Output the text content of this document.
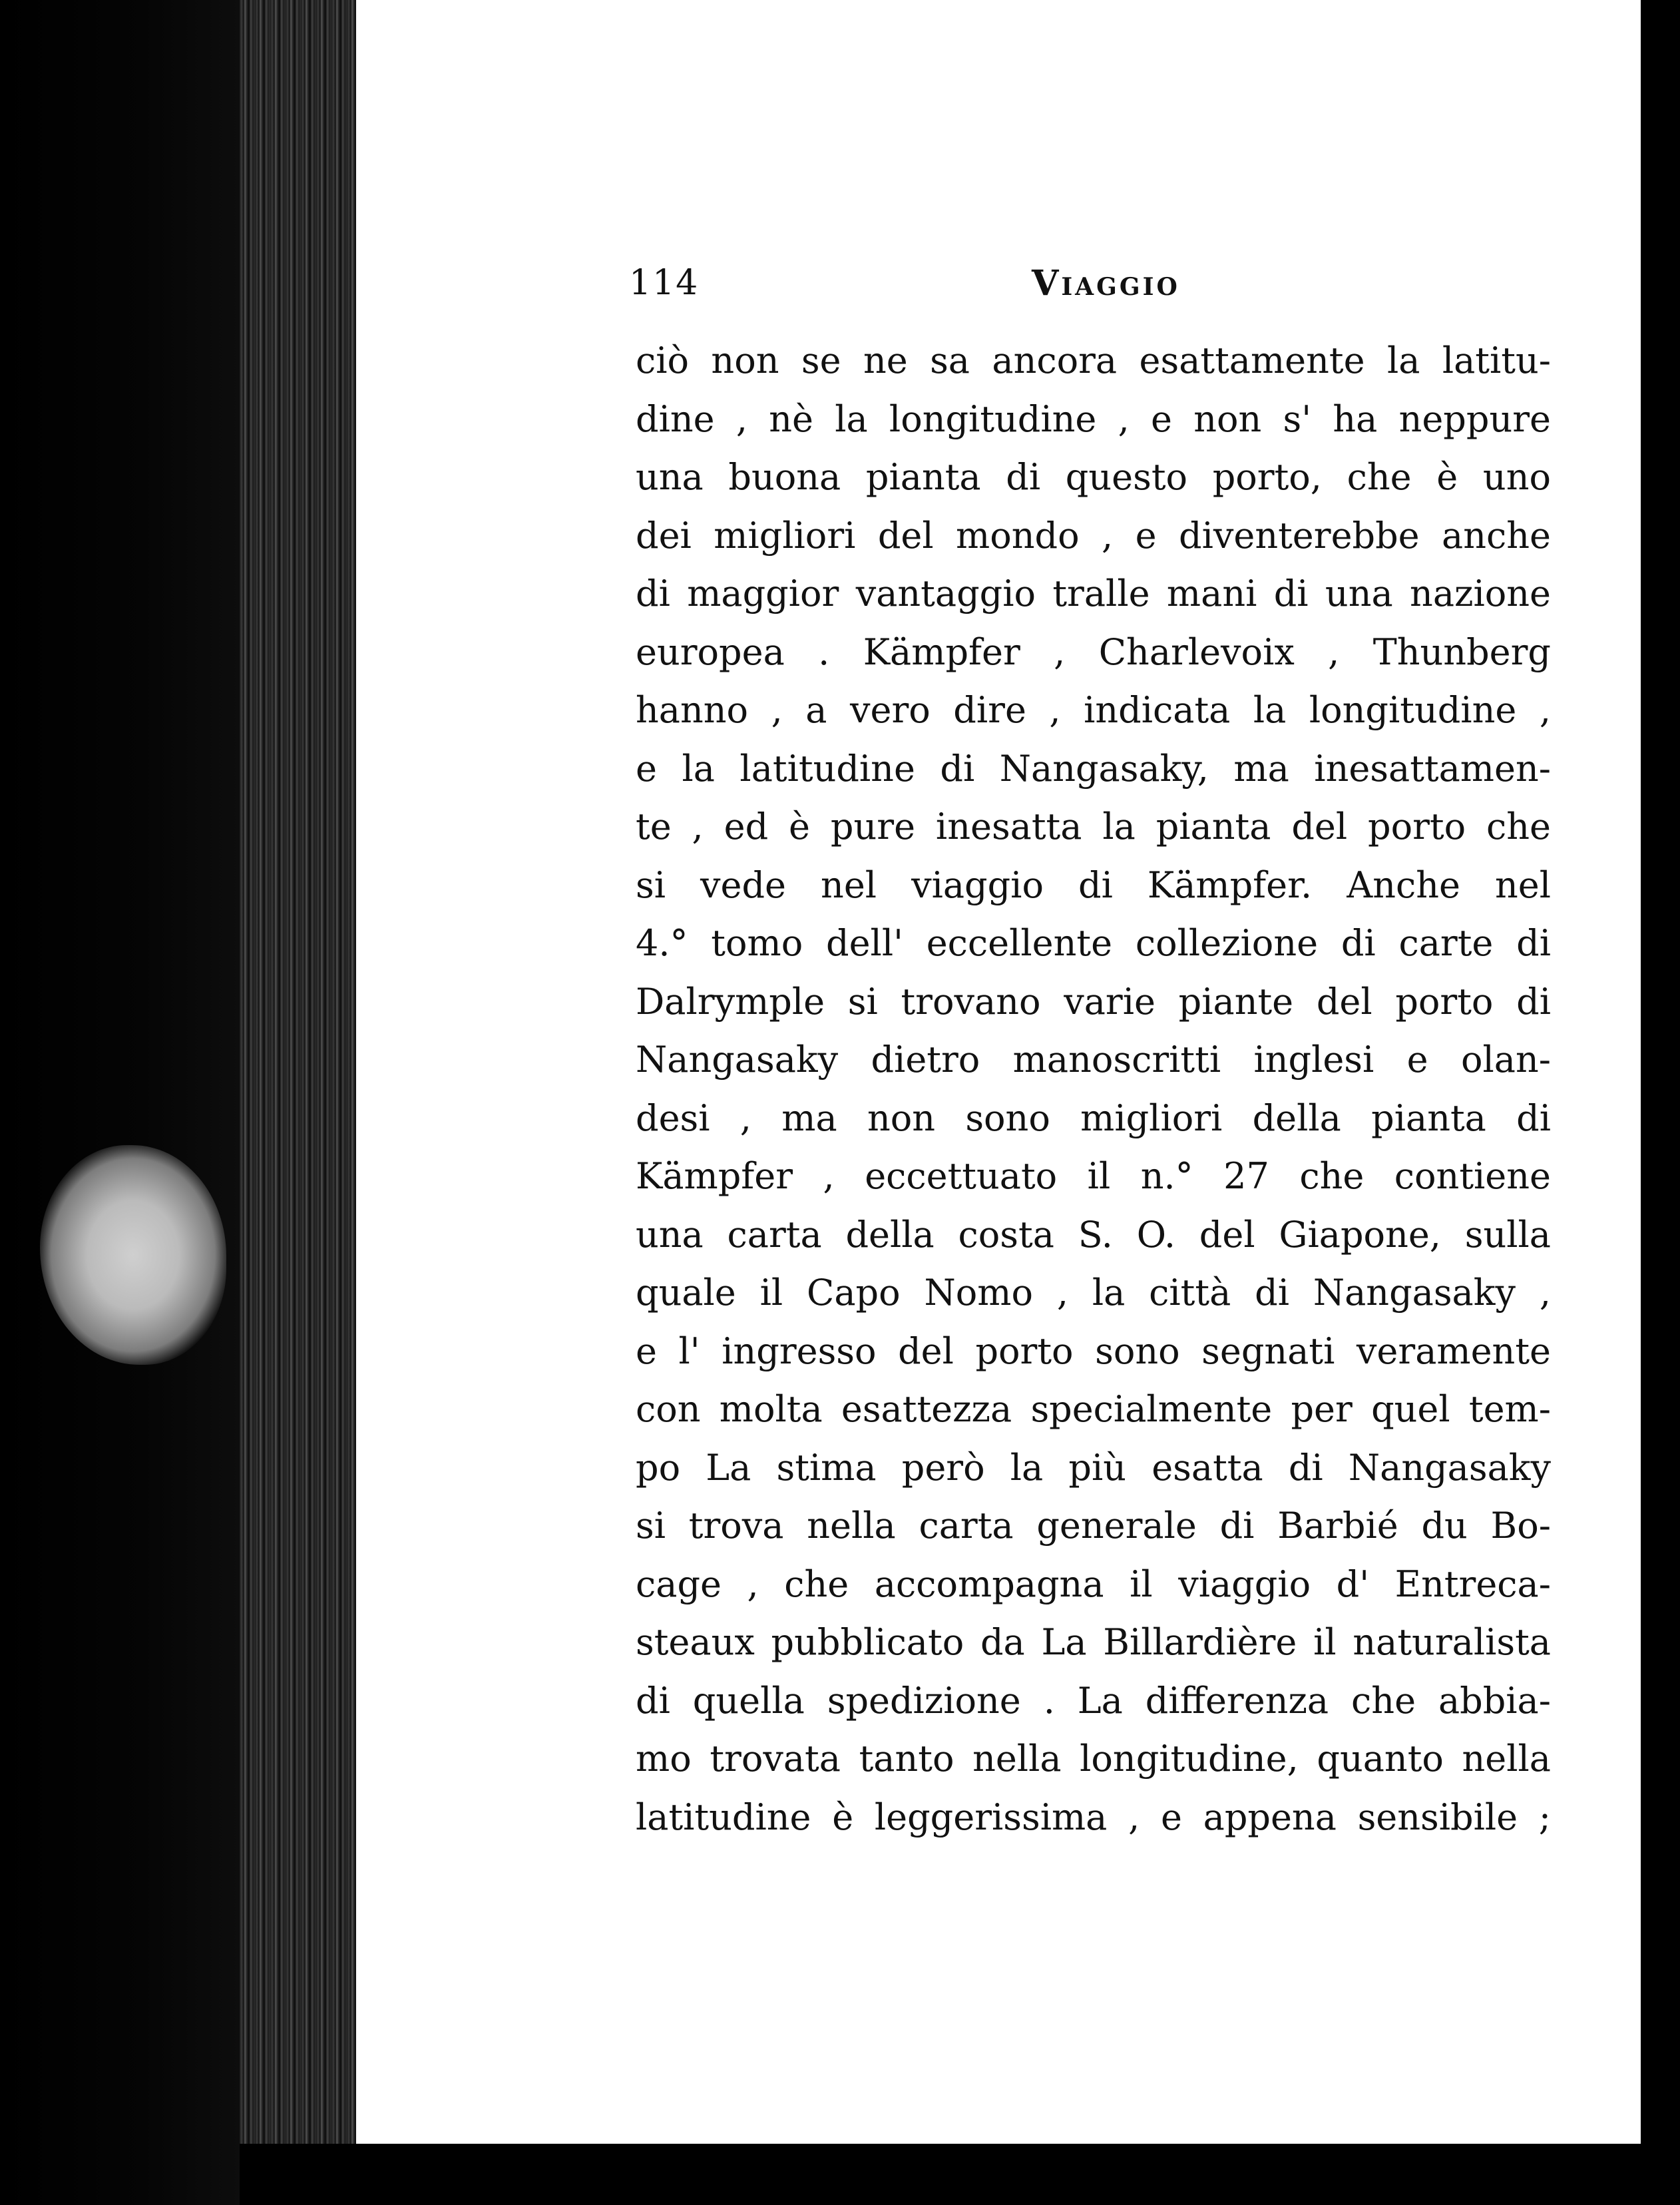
114	Viaggio
ciò non se ne sa ancora esattamente la latitu-
dine , nè la longitudine , e non s' ha neppure
una buona pianta di questo porto, che è uno
dei migliori del mondo , e diventerebbe anche
di maggior vantaggio tralle mani di una nazione
europea . Kämpfer , Charlevoix , Thunberg
hanno , a vero dire , indicata la longitudine ,
e la latitudine di Nangasaky, ma inesattamen-
te , ed è pure inesatta la pianta del porto che
si vede nel viaggio di Kämpfer. Anche nel
4.° tomo dell' eccellente collezione di carte di
Dalrymple si trovano varie piante del porto di
Nangasaky dietro manoscritti inglesi e olan-
desi , ma non sono migliori della pianta di
Kämpfer , eccettuato il n.° 27 che contiene
una carta della costa S. O. del Giapone, sulla
quale il Capo Nomo , la città di Nangasaky ,
e l' ingresso del porto sono segnati veramente
con molta esattezza specialmente per quel tem-
po La stima però la più esatta di Nangasaky
si trova nella carta generale di Barbié du Bo-
cage , che accompagna il viaggio d' Entreca-
steaux pubblicato da La Billardière il naturalista
di quella spedizione . La differenza che abbia-
mo trovata tanto nella longitudine, quanto nella
latitudine è leggerissima , e appena sensibile ;
